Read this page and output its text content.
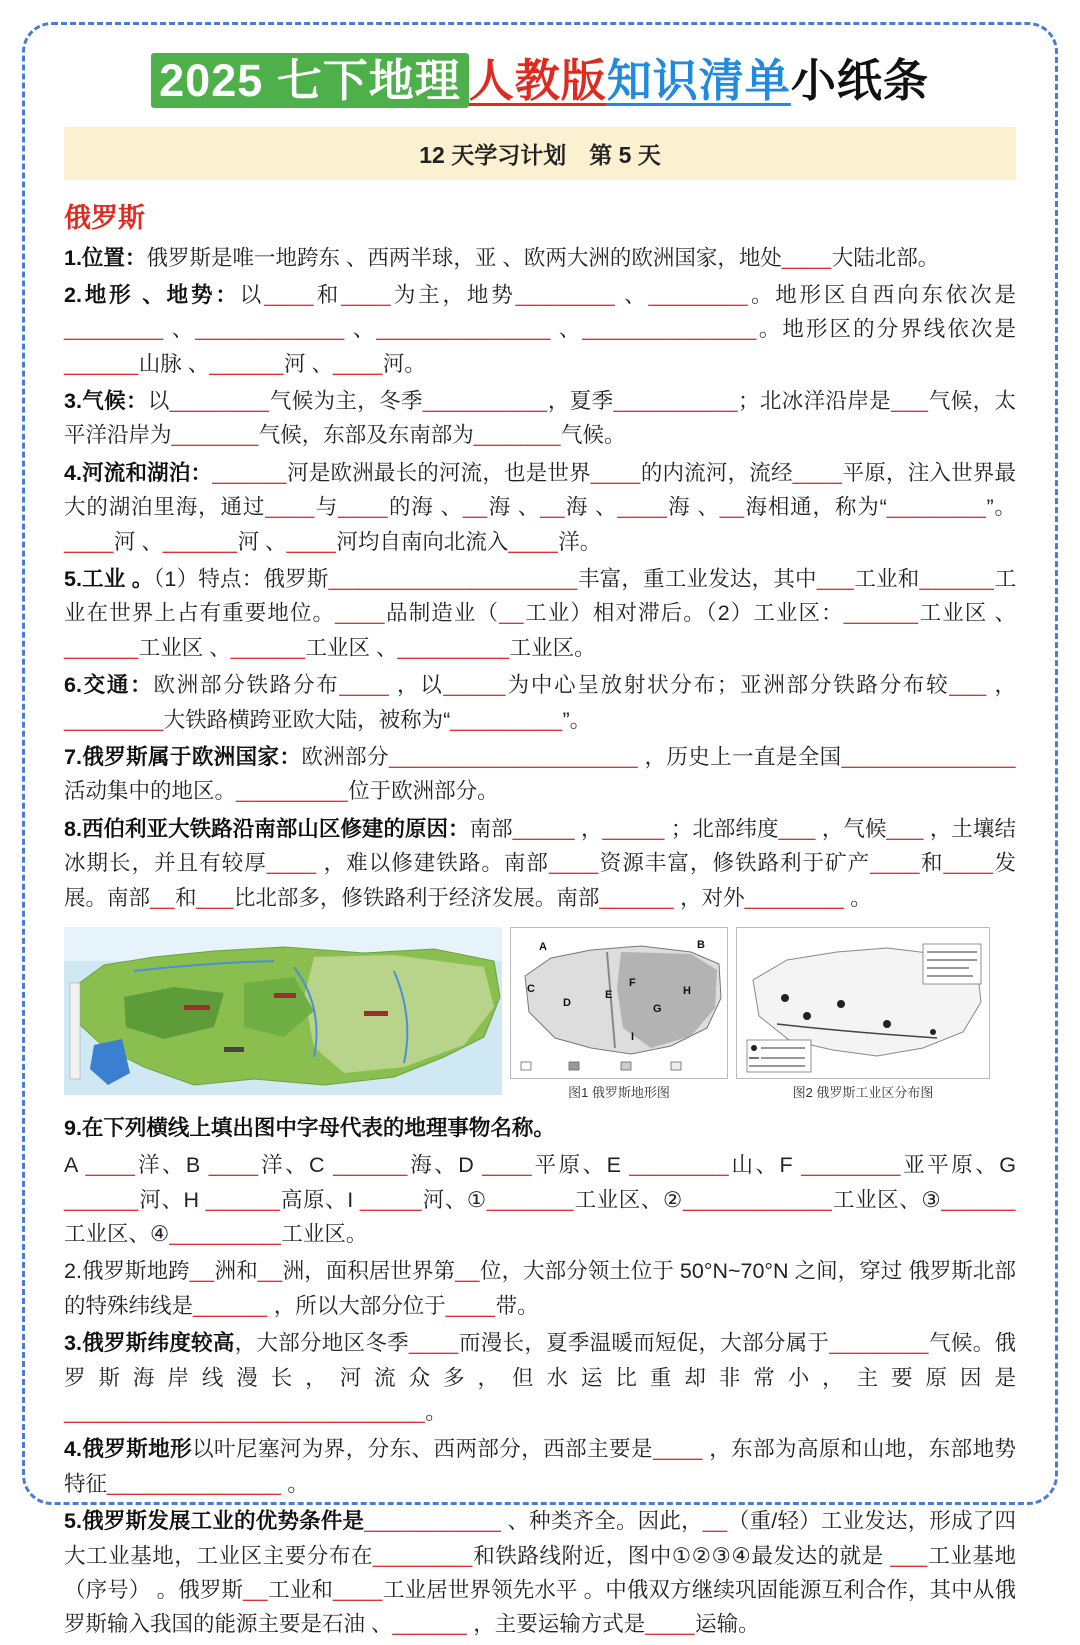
2025 七下地理 人教版知识清单小纸条
12 天学习计划　第 5 天
俄罗斯

1.位置：俄罗斯是唯一地跨东 、西两半球，亚 、欧两大洲的欧洲国家，地处____大陆北部。

2.地形 、地势：以____和____为主，地势________ 、________。地形区自西向东依次是________ 、____________ 、______________ 、______________。地形区的分界线依次是______山脉 、______河 、____河。

3.气候：以________气候为主，冬季__________，夏季__________；北冰洋沿岸是___气候，太平洋沿岸为_______气候，东部及东南部为_______气候。

4.河流和湖泊：______河是欧洲最长的河流，也是世界____的内流河，流经____平原，注入世界最大的湖泊里海，通过____与____的海 、__海 、__海 、____海 、__海相通，称为“________”。____河 、______河 、____河均自南向北流入____洋。

5.工业 。（1）特点：俄罗斯____________________丰富，重工业发达，其中___工业和______工业在世界上占有重要地位。____品制造业（__工业）相对滞后。（2）工业区：______工业区 、______工业区 、______工业区 、_________工业区。

6.交通：欧洲部分铁路分布____ ，以_____为中心呈放射状分布；亚洲部分铁路分布较___ ，________大铁路横跨亚欧大陆，被称为“_________”。

7.俄罗斯属于欧洲国家：欧洲部分____________________ ，历史上一直是全国______________活动集中的地区。_________位于欧洲部分。

8.西伯利亚大铁路沿南部山区修建的原因：南部_____ ，_____ ；北部纬度___ ，气候___ ，土壤结冰期长，并且有较厚____ ，难以修建铁路。南部____资源丰富，修铁路利于矿产____和____发展。南部__和___比北部多，修铁路利于经济发展。南部______ ，对外________ 。

A	B
C
D
E
F
G
H
I
图1 俄罗斯地形图	图2 俄罗斯工业区分布图

9.在下列横线上填出图中字母代表的地理事物名称。

A ____洋、B ____洋、C ______海、D ____平原、E ________山、F ________亚平原、G ______河、H ______高原、I _____河、①_______工业区、②____________工业区、③______工业区、④_________工业区。

2.俄罗斯地跨__洲和__洲，面积居世界第__位，大部分领土位于 50°N~70°N 之间，穿过 俄罗斯北部的特殊纬线是______ ，所以大部分位于____带。

3.俄罗斯纬度较高，大部分地区冬季____而漫长，夏季温暖而短促，大部分属于________气候。俄罗斯海岸线漫长，河流众多，但水运比重却非常小，主要原因是_____________________________。

4.俄罗斯地形以叶尼塞河为界，分东、西两部分，西部主要是____ ，东部为高原和山地，东部地势特征______________ 。

5.俄罗斯发展工业的优势条件是___________ 、种类齐全。因此，__（重/轻）工业发达，形成了四大工业基地，工业区主要分布在________和铁路线附近，图中①②③④最发达的就是 ___工业基地（序号） 。俄罗斯__工业和____工业居世界领先水平 。中俄双方继续巩固能源互利合作，其中从俄罗斯输入我国的能源主要是石油 、______ ，主要运输方式是____运输。
